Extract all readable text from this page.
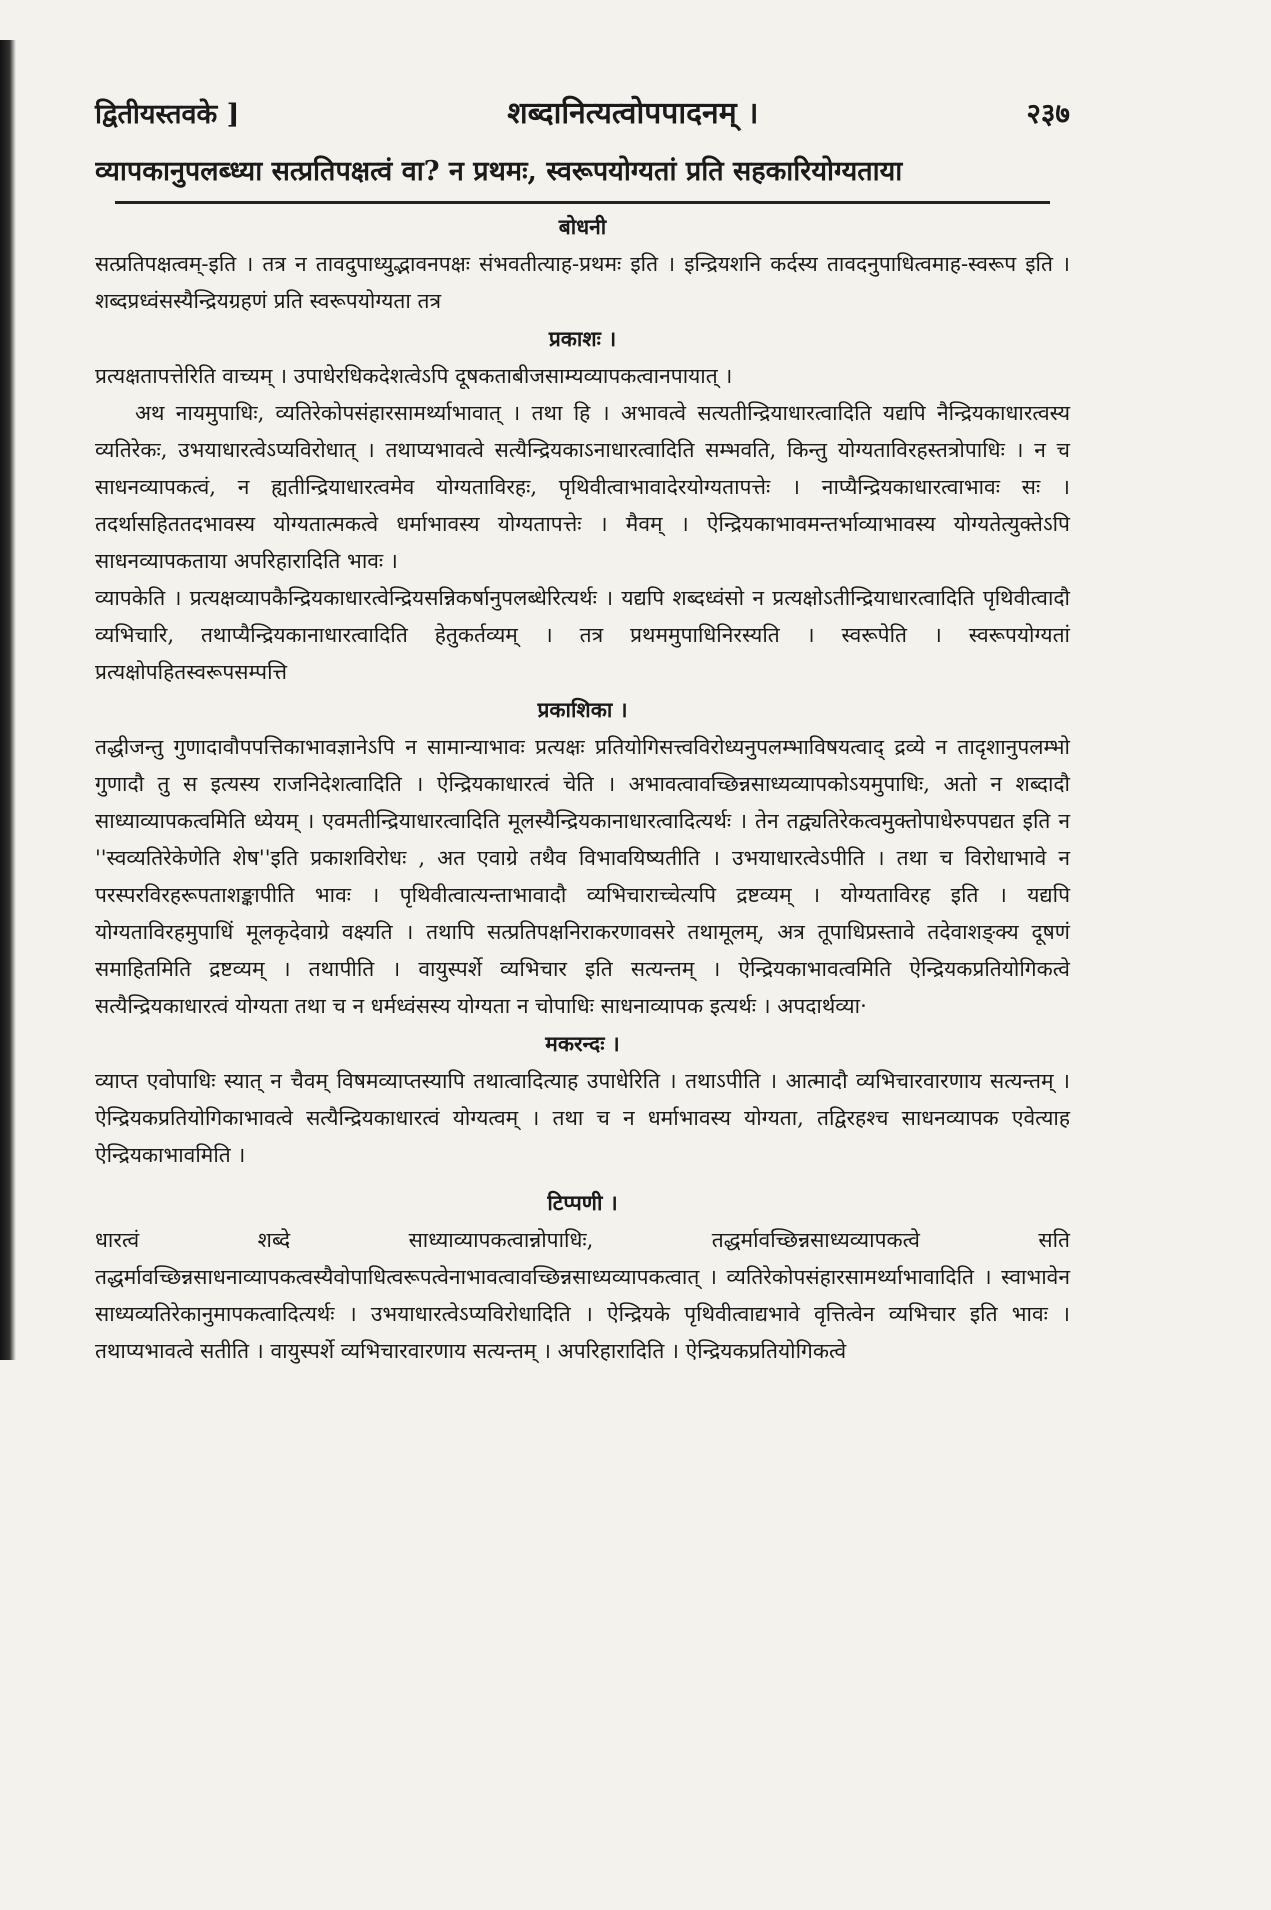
द्वितीयस्तवके ]	शब्दानित्यत्वोपपादनम् ।	२३७
व्यापकानुपलब्ध्या सत्प्रतिपक्षत्वं वा? न प्रथमः, स्वरूपयोग्यतां प्रति सहकारियोग्यताया
बोधनी

सत्प्रतिपक्षत्वम्-इति । तत्र न तावदुपाध्युद्भावनपक्षः संभवतीत्याह-प्रथमः इति । इन्द्रियशनि कर्दस्य तावदनुपाधित्वमाह-स्वरूप इति । शब्दप्रध्वंसस्यैन्द्रियग्रहणं प्रति स्वरूपयोग्यता तत्र

प्रकाशः ।

प्रत्यक्षतापत्तेरिति वाच्यम् । उपाधेरधिकदेशत्वेऽपि दूषकताबीजसाम्यव्यापकत्वानपायात् ।

अथ नायमुपाधिः, व्यतिरेकोपसंहारसामर्थ्याभावात् । तथा हि । अभावत्वे सत्यतीन्द्रियाधारत्वादिति यद्यपि नैन्द्रियकाधारत्वस्य व्यतिरेकः, उभयाधारत्वेऽप्यविरोधात् । तथाप्यभावत्वे सत्यैन्द्रियकाऽनाधारत्वादिति सम्भवति, किन्तु योग्यताविरहस्तत्रोपाधिः । न च साधनव्यापकत्वं, न ह्यतीन्द्रियाधारत्वमेव योग्यताविरहः, पृथिवीत्वाभावादेरयोग्यतापत्तेः । नाप्यैन्द्रियकाधारत्वाभावः सः । तदर्थासहिततदभावस्य योग्यतात्मकत्वे धर्माभावस्य योग्यतापत्तेः । मैवम् । ऐन्द्रियकाभावमन्तर्भाव्याभावस्य योग्यतेत्युक्तेऽपि साधनव्यापकताया अपरिहारादिति भावः ।

व्यापकेति । प्रत्यक्षव्यापकैन्द्रियकाधारत्वेन्द्रियसन्निकर्षानुपलब्धेरित्यर्थः । यद्यपि शब्दध्वंसो न प्रत्यक्षोऽतीन्द्रियाधारत्वादिति पृथिवीत्वादौ व्यभिचारि, तथाप्यैन्द्रियकानाधारत्वादिति हेतुकर्तव्यम् । तत्र प्रथममुपाधिनिरस्यति । स्वरूपेति । स्वरूपयोग्यतां प्रत्यक्षोपहितस्वरूपसम्पत्ति

प्रकाशिका ।

तद्धीजन्तु गुणादावौपपत्तिकाभावज्ञानेऽपि न सामान्याभावः प्रत्यक्षः प्रतियोगिसत्त्वविरोध्यनुपलम्भाविषयत्वाद् द्रव्ये न तादृशानुपलम्भो गुणादौ तु स इत्यस्य राजनिदेशत्वादिति । ऐन्द्रियकाधारत्वं चेति । अभावत्वावच्छिन्नसाध्यव्यापकोऽयमुपाधिः, अतो न शब्दादौ साध्याव्यापकत्वमिति ध्येयम् । एवमतीन्द्रियाधारत्वादिति मूलस्यैन्द्रियकानाधारत्वादित्यर्थः । तेन तद्व्यतिरेकत्वमुक्तोपाधेरुपपद्यत इति न ''स्वव्यतिरेकेणेति शेष''इति प्रकाशविरोधः , अत एवाग्रे तथैव विभावयिष्यतीति । उभयाधारत्वेऽपीति । तथा च विरोधाभावे न परस्परविरहरूपताशङ्कापीति भावः । पृथिवीत्वात्यन्ताभावादौ व्यभिचाराच्चेत्यपि द्रष्टव्यम् । योग्यताविरह इति । यद्यपि योग्यताविरहमुपाधिं मूलकृदेवाग्रे वक्ष्यति । तथापि सत्प्रतिपक्षनिराकरणावसरे तथामूलम्, अत्र तूपाधिप्रस्तावे तदेवाशङ्क्य दूषणं समाहितमिति द्रष्टव्यम् । तथापीति । वायुस्पर्शे व्यभिचार इति सत्यन्तम् । ऐन्द्रियकाभावत्वमिति ऐन्द्रियकप्रतियोगिकत्वे सत्यैन्द्रियकाधारत्वं योग्यता तथा च न धर्मध्वंसस्य योग्यता न चोपाधिः साधनाव्यापक इत्यर्थः । अपदार्थव्या·

मकरन्दः ।

व्याप्त एवोपाधिः स्यात् न चैवम् विषमव्याप्तस्यापि तथात्वादित्याह उपाधेरिति । तथाऽपीति । आत्मादौ व्यभिचारवारणाय सत्यन्तम् । ऐन्द्रियकप्रतियोगिकाभावत्वे सत्यैन्द्रियकाधारत्वं योग्यत्वम् । तथा च न धर्माभावस्य योग्यता, तद्विरहश्च साधनव्यापक एवेत्याह ऐन्द्रियकाभावमिति ।

टिप्पणी ।

धारत्वं शब्दे साध्याव्यापकत्वान्नोपाधिः, तद्धर्मावच्छिन्नसाध्यव्यापकत्वे सति तद्धर्मावच्छिन्नसाधनाव्यापकत्वस्यैवोपाधित्वरूपत्वेनाभावत्वावच्छिन्नसाध्यव्यापकत्वात् । व्यतिरेकोपसंहारसामर्थ्याभावादिति । स्वाभावेन साध्यव्यतिरेकानुमापकत्वादित्यर्थः । उभयाधारत्वेऽप्यविरोधादिति । ऐन्द्रियके पृथिवीत्वाद्यभावे वृत्तित्वेन व्यभिचार इति भावः । तथाप्यभावत्वे सतीति । वायुस्पर्शे व्यभिचारवारणाय सत्यन्तम् । अपरिहारादिति । ऐन्द्रियकप्रतियोगिकत्वे
